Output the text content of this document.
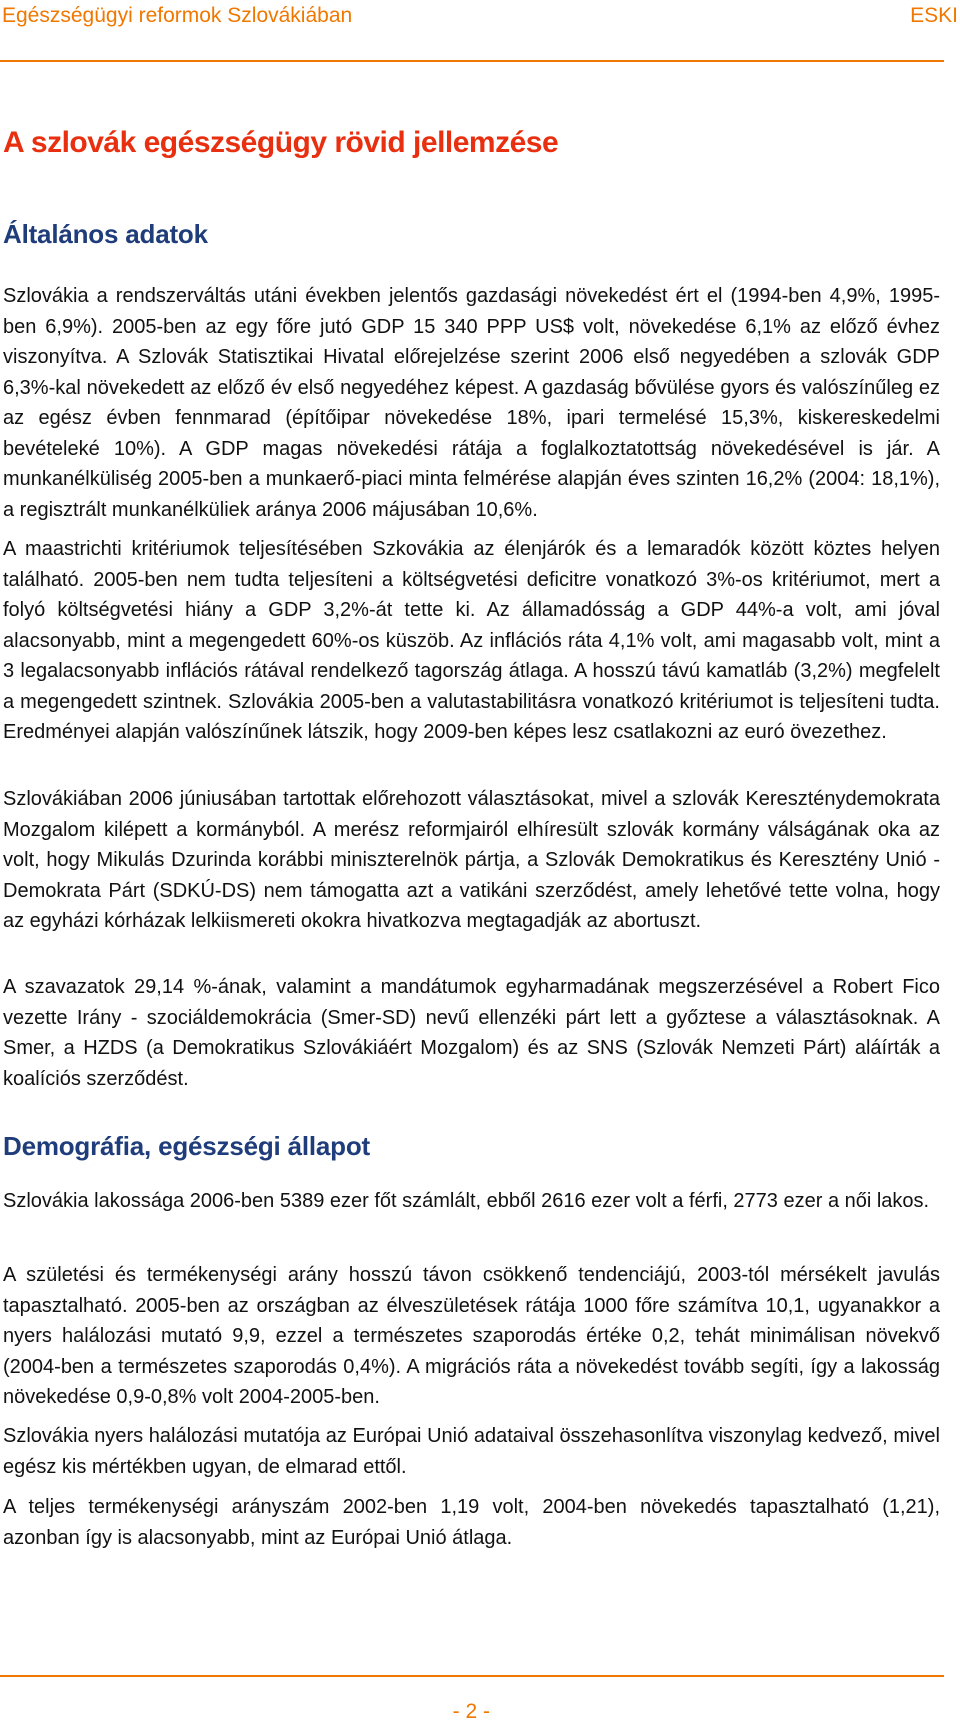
Egészségügyi reformok Szlovákiában	ESKI
A szlovák egészségügy rövid jellemzése
Általános adatok

Szlovákia a rendszerváltás utáni években jelentős gazdasági növekedést ért el (1994-ben 4,9%, 1995-ben 6,9%). 2005-ben az egy főre jutó GDP 15 340 PPP US$ volt, növekedése 6,1% az előző évhez viszonyítva. A Szlovák Statisztikai Hivatal előrejelzése szerint 2006 első negyedében a szlovák GDP 6,3%-kal növekedett az előző év első negyedéhez képest. A gazdaság bővülése gyors és valószínűleg ez az egész évben fennmarad (építőipar növekedése 18%, ipari termelésé 15,3%, kiskereskedelmi bevételeké 10%). A GDP magas növekedési rátája a foglalkoztatottság növekedésével is jár. A munkanélküliség 2005-ben a munkaerő-piaci minta felmérése alapján éves szinten 16,2% (2004: 18,1%), a regisztrált munkanélküliek aránya 2006 májusában 10,6%.

A maastrichti kritériumok teljesítésében Szkovákia az élenjárók és a lemaradók között köztes helyen található. 2005-ben nem tudta teljesíteni a költségvetési deficitre vonatkozó 3%-os kritériumot, mert a folyó költségvetési hiány a GDP 3,2%-át tette ki. Az államadósság a GDP 44%-a volt, ami jóval alacsonyabb, mint a megengedett 60%-os küszöb. Az inflációs ráta 4,1% volt, ami magasabb volt, mint a 3 legalacsonyabb inflációs rátával rendelkező tagország átlaga. A hosszú távú kamatláb (3,2%) megfelelt a megengedett szintnek. Szlovákia 2005-ben a valutastabilitásra vonatkozó kritériumot is teljesíteni tudta. Eredményei alapján valószínűnek látszik, hogy 2009-ben képes lesz csatlakozni az euró övezethez.

Szlovákiában 2006 júniusában tartottak előrehozott választásokat, mivel a szlovák Kereszténydemokrata Mozgalom kilépett a kormányból. A merész reformjairól elhíresült szlovák kormány válságának oka az volt, hogy Mikulás Dzurinda korábbi miniszterelnök pártja, a Szlovák Demokratikus és Keresztény Unió - Demokrata Párt (SDKÚ-DS) nem támogatta azt a vatikáni szerződést, amely lehetővé tette volna, hogy az egyházi kórházak lelkiismereti okokra hivatkozva megtagadják az abortuszt.

A szavazatok 29,14 %-ának, valamint a mandátumok egyharmadának megszerzésével a Robert Fico vezette Irány - szociáldemokrácia (Smer-SD) nevű ellenzéki párt lett a győztese a választásoknak. A Smer, a HZDS (a Demokratikus Szlovákiáért Mozgalom) és az SNS (Szlovák Nemzeti Párt) aláírták a koalíciós szerződést.

Demográfia, egészségi állapot

Szlovákia lakossága 2006-ben 5389 ezer főt számlált, ebből 2616 ezer volt a férfi, 2773 ezer a női lakos.

A születési és termékenységi arány hosszú távon csökkenő tendenciájú, 2003-tól mérsékelt javulás tapasztalható. 2005-ben az országban az élveszületések rátája 1000 főre számítva 10,1, ugyanakkor a nyers halálozási mutató 9,9, ezzel a természetes szaporodás értéke 0,2, tehát minimálisan növekvő (2004-ben a természetes szaporodás 0,4%). A migrációs ráta a növekedést tovább segíti, így a lakosság növekedése 0,9-0,8% volt 2004-2005-ben.

Szlovákia nyers halálozási mutatója az Európai Unió adataival összehasonlítva viszonylag kedvező, mivel egész kis mértékben ugyan, de elmarad ettől.

A teljes termékenységi arányszám 2002-ben 1,19 volt, 2004-ben növekedés tapasztalható (1,21), azonban így is alacsonyabb, mint az Európai Unió átlaga.

- 2 -
